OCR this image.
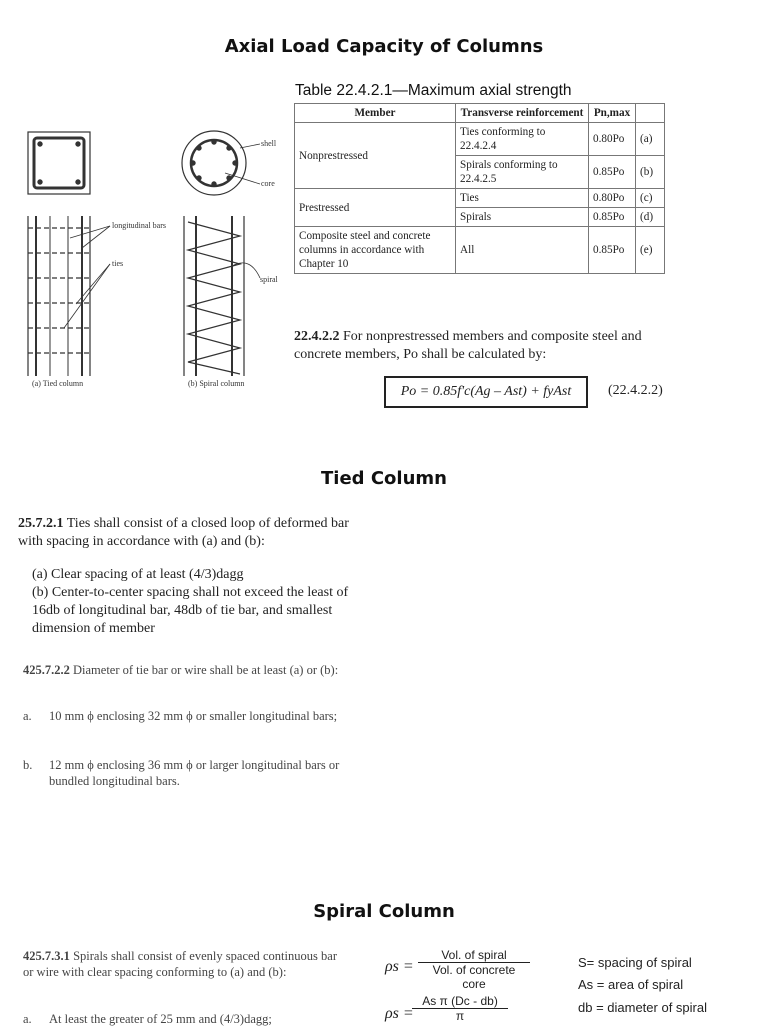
Axial Load Capacity of Columns
shell
core
longitudinal bars
ties
spiral
(a) Tied column	(b) Spiral column
Table 22.4.2.1—Maximum axial strength
Member	Transverse reinforcement	Pn,max	
Nonprestressed	Ties conforming to 22.4.2.4	0.80Po	(a)
	Spirals conforming to 22.4.2.5	0.85Po	(b)
Prestressed	Ties	0.80Po	(c)
	Spirals	0.85Po	(d)
Composite steel and concrete columns in accordance with Chapter 10	All	0.85Po	(e)
22.4.2.2 For nonprestressed members and composite steel and concrete members, Po shall be calculated by:
Po = 0.85f'c(Ag – Ast) + fyAst	(22.4.2.2)
Tied Column
25.7.2.1 Ties shall consist of a closed loop of deformed bar with spacing in accordance with (a) and (b):
(a) Clear spacing of at least (4/3)dagg
(b) Center-to-center spacing shall not exceed the least of 16db of longitudinal bar, 48db of tie bar, and smallest dimension of member
425.7.2.2 Diameter of tie bar or wire shall be at least (a) or (b):
a. 10 mm ϕ enclosing 32 mm ϕ or smaller longitudinal bars;
b. 12 mm ϕ enclosing 36 mm ϕ or larger longitudinal bars or bundled longitudinal bars.
Spiral Column
425.7.3.1 Spirals shall consist of evenly spaced continuous bar or wire with clear spacing conforming to (a) and (b):
a. At least the greater of 25 mm and (4/3)dagg;
ρs =
Vol. of spiral
Vol. of concrete core
ρs =
$\frac{\text{As π (Dc - db)}}{\pi}$
S= spacing of spiral
As = area of spiral
db = diameter of spiral
